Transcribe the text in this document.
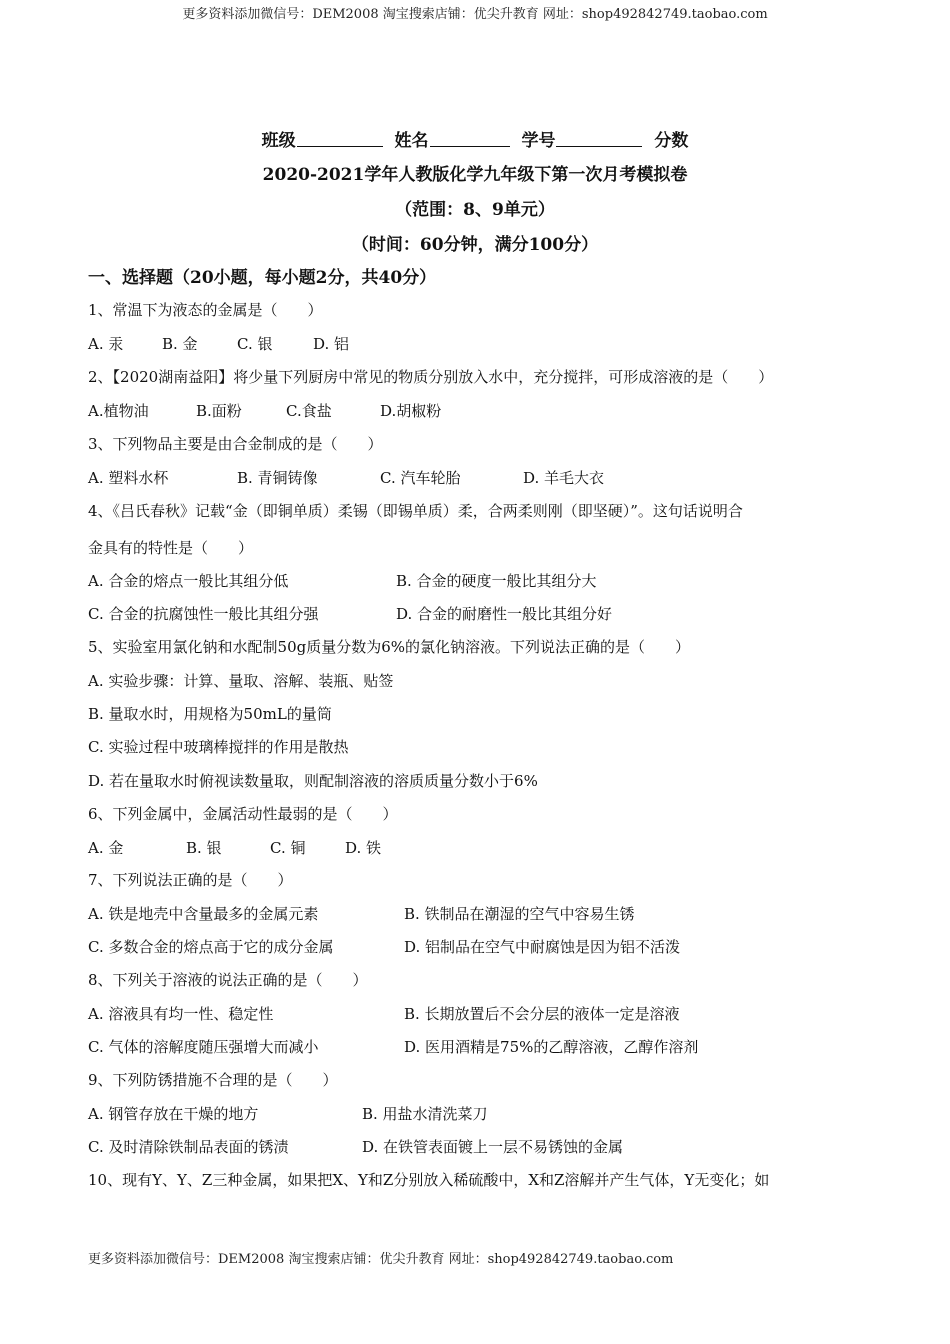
更多资料添加微信号：DEM2008 淘宝搜索店铺：优尖升教育 网址：shop492842749.taobao.com
班级	姓名	学号	分数
2020-2021学年人教版化学九年级下第一次月考模拟卷
（范围：8、9单元）
（时间：60分钟，满分100分）
一、选择题（20小题，每小题2分，共40分）
1、常温下为液态的金属是（　　）
A. 汞	B. 金	C. 银	D. 铝
2、【2020湖南益阳】将少量下列厨房中常见的物质分别放入水中，充分搅拌，可形成溶液的是（　　）
A.植物油	B.面粉	C.食盐	D.胡椒粉
3、下列物品主要是由合金制成的是（　　）
A. 塑料水杯	B. 青铜铸像	C. 汽车轮胎	D. 羊毛大衣
4、《吕氏春秋》记载“金（即铜单质）柔锡（即锡单质）柔，合两柔则刚（即坚硬）”。这句话说明合
金具有的特性是（　　）
A. 合金的熔点一般比其组分低	B. 合金的硬度一般比其组分大
C. 合金的抗腐蚀性一般比其组分强	D. 合金的耐磨性一般比其组分好
5、实验室用氯化钠和水配制50g质量分数为6%的氯化钠溶液。下列说法正确的是（　　）
A. 实验步骤：计算、量取、溶解、装瓶、贴签
B. 量取水时，用规格为50mL的量筒
C. 实验过程中玻璃棒搅拌的作用是散热
D. 若在量取水时俯视读数量取，则配制溶液的溶质质量分数小于6%
6、下列金属中，金属活动性最弱的是（　　）
A. 金	B. 银	C. 铜	D. 铁
7、下列说法正确的是（　　）
A. 铁是地壳中含量最多的金属元素	B. 铁制品在潮湿的空气中容易生锈
C. 多数合金的熔点高于它的成分金属	D. 铝制品在空气中耐腐蚀是因为铝不活泼
8、下列关于溶液的说法正确的是（　　）
A. 溶液具有均一性、稳定性	B. 长期放置后不会分层的液体一定是溶液
C. 气体的溶解度随压强增大而减小	D. 医用酒精是75%的乙醇溶液，乙醇作溶剂
9、下列防锈措施不合理的是（　　）
A. 钢管存放在干燥的地方	B. 用盐水清洗菜刀
C. 及时清除铁制品表面的锈渍	D. 在铁管表面镀上一层不易锈蚀的金属
10、现有Y、Y、Z三种金属，如果把X、Y和Z分别放入稀硫酸中，X和Z溶解并产生气体，Y无变化；如
更多资料添加微信号：DEM2008 淘宝搜索店铺：优尖升教育 网址：shop492842749.taobao.com
